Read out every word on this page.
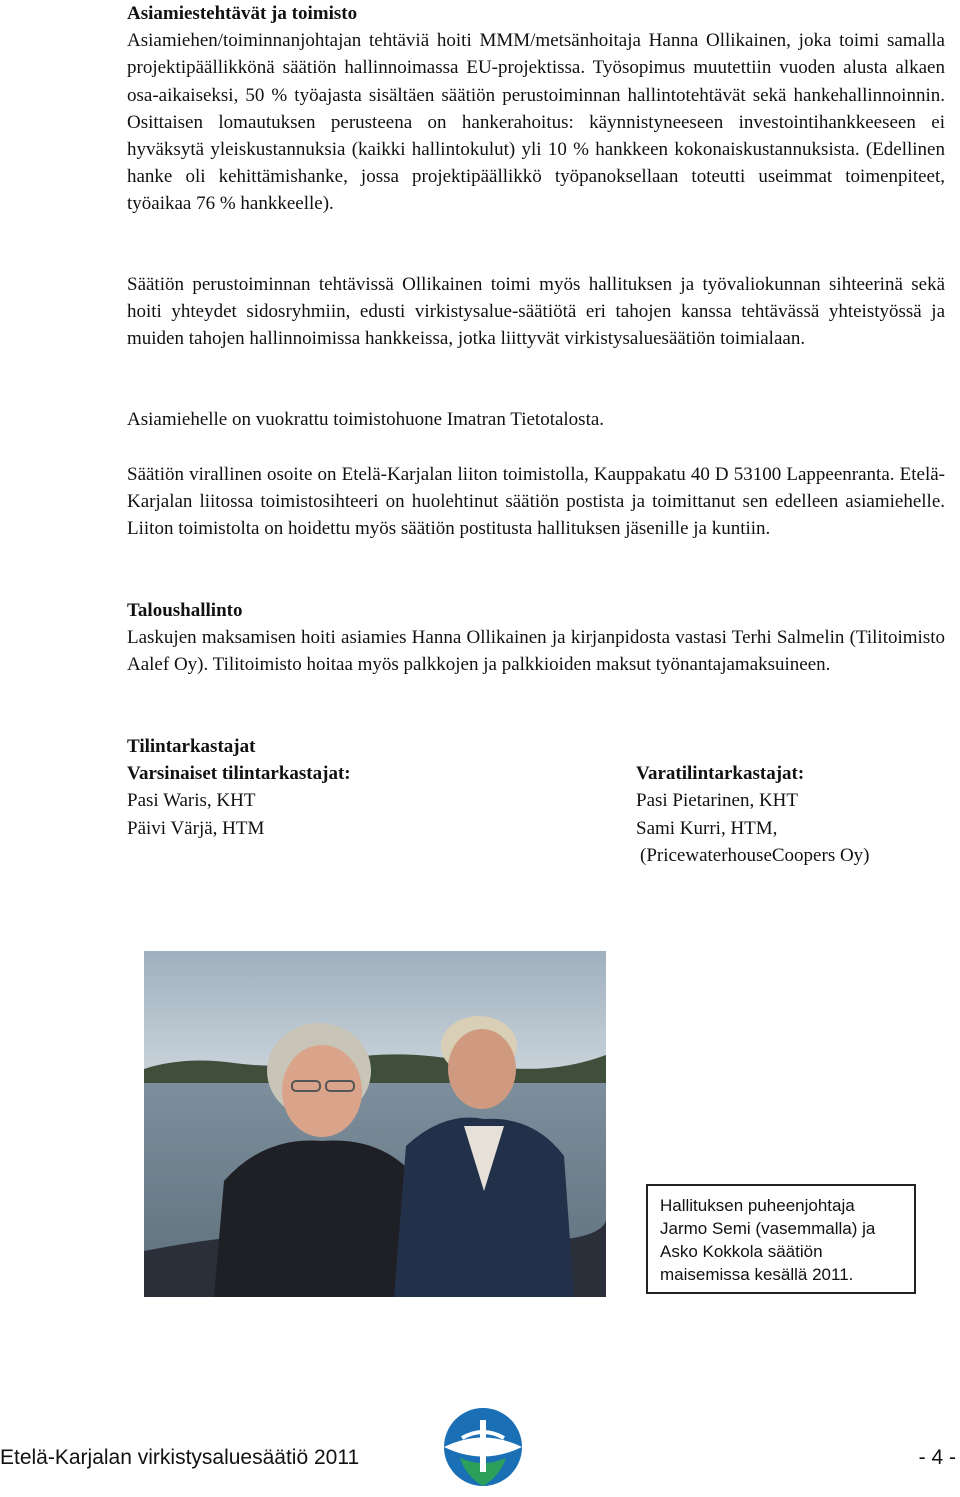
Asiamiestehtävät ja toimisto

Asiamiehen/toiminnanjohtajan tehtäviä hoiti MMM/metsänhoitaja Hanna Ollikainen, joka toimi samalla projektipäällikkönä säätiön hallinnoimassa EU-projektissa. Työsopimus muutettiin vuoden alusta alkaen osa-aikaiseksi, 50 % työajasta sisältäen säätiön perustoiminnan hallintotehtävät sekä hankehallinnoinnin. Osittaisen lomautuksen perusteena on hankerahoitus: käynnistyneeseen investointihankkeeseen ei hyväksytä yleiskustannuksia (kaikki hallintokulut) yli 10 % hankkeen kokonaiskustannuksista. (Edellinen hanke oli kehittämishanke, jossa projektipäällikkö työpanoksellaan toteutti useimmat toimenpiteet, työaikaa 76 % hankkeelle).

Säätiön perustoiminnan tehtävissä Ollikainen toimi myös hallituksen ja työvaliokunnan sihteerinä sekä hoiti yhteydet sidosryhmiin, edusti virkistysalue-säätiötä eri tahojen kanssa tehtävässä yhteistyössä ja muiden tahojen hallinnoimissa hankkeissa, jotka liittyvät virkistysaluesäätiön toimialaan.
Asiamiehelle on vuokrattu toimistohuone Imatran Tietotalosta.
Säätiön virallinen osoite on Etelä-Karjalan liiton toimistolla, Kauppakatu 40 D 53100 Lappeenranta. Etelä-Karjalan liitossa toimistosihteeri on huolehtinut säätiön postista ja toimittanut sen edelleen asiamiehelle. Liiton toimistolta on hoidettu myös säätiön postitusta hallituksen jäsenille ja kuntiin.

Taloushallinto

Laskujen maksamisen hoiti asiamies Hanna Ollikainen ja kirjanpidosta vastasi Terhi Salmelin (Tilitoimisto Aalef Oy). Tilitoimisto hoitaa myös palkkojen ja palkkioiden maksut työnantajamaksuineen.

Tilintarkastajat

Varsinaiset tilintarkastajat:

Pasi Waris, KHT

Päivi Värjä, HTM

Varatilintarkastajat:

Pasi Pietarinen, KHT

Sami Kurri, HTM,

(PricewaterhouseCoopers Oy)

Hallituksen puheenjohtaja

Jarmo Semi (vasemmalla) ja

Asko Kokkola säätiön

maisemissa kesällä 2011.

Etelä-Karjalan virkistysaluesäätiö 2011	- 4 -
